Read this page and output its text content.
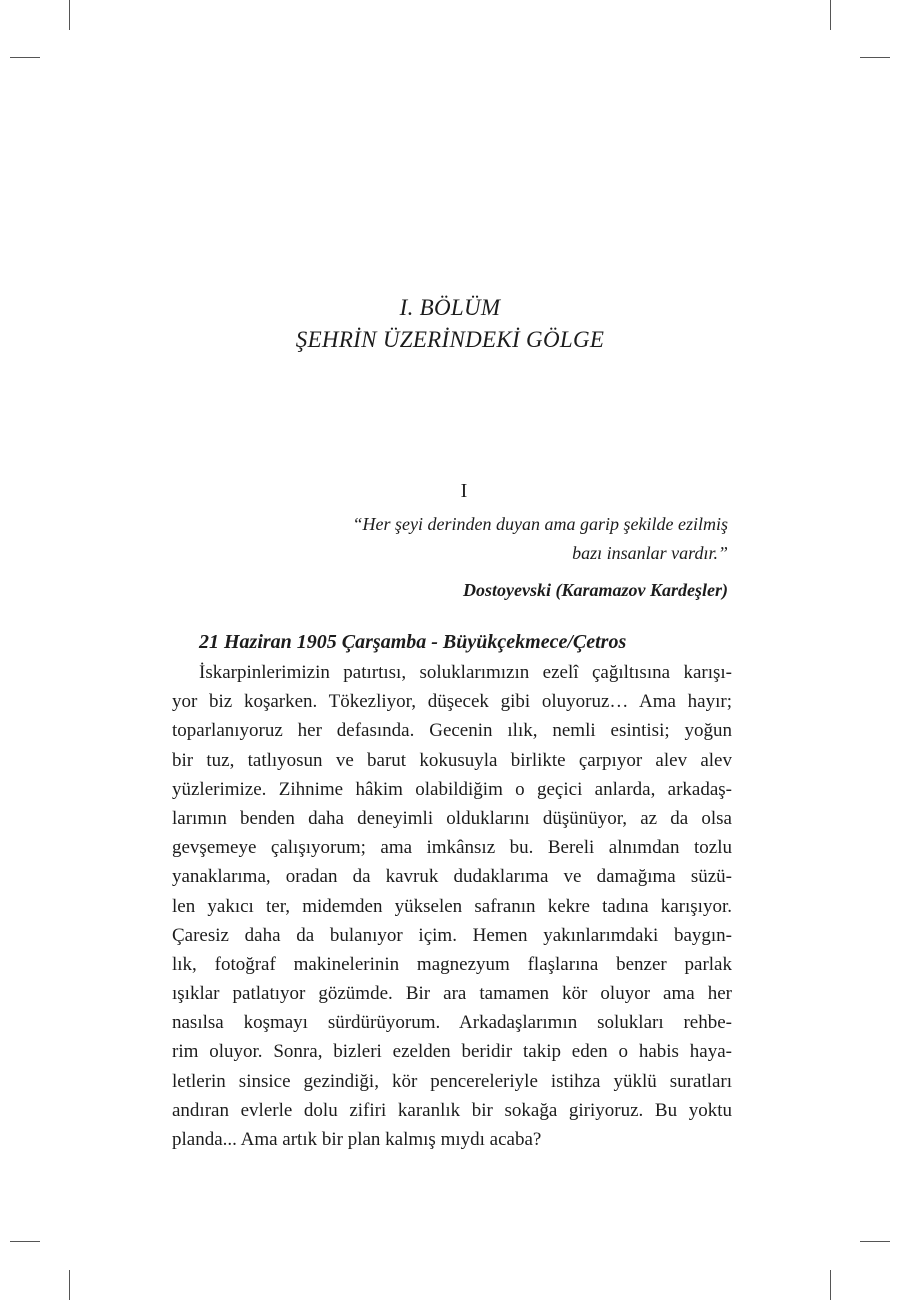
I. BÖLÜM
ŞEHRİN ÜZERİNDEKİ GÖLGE
I
“Her şeyi derinden duyan ama garip şekilde ezilmiş
bazı insanlar vardır.”
Dostoyevski (Karamazov Kardeşler)
21 Haziran 1905 Çarşamba - Büyükçekmece/Çetros
İskarpinlerimizin patırtısı, soluklarımızın ezelî çağıltısına karışı-
yor biz koşarken. Tökezliyor, düşecek gibi oluyoruz… Ama hayır;
toparlanıyoruz her defasında. Gecenin ılık, nemli esintisi; yoğun
bir tuz, tatlıyosun ve barut kokusuyla birlikte çarpıyor alev alev
yüzlerimize. Zihnime hâkim olabildiğim o geçici anlarda, arkadaş-
larımın benden daha deneyimli olduklarını düşünüyor, az da olsa
gevşemeye çalışıyorum; ama imkânsız bu. Bereli alnımdan tozlu
yanaklarıma, oradan da kavruk dudaklarıma ve damağıma süzü-
len yakıcı ter, midemden yükselen safranın kekre tadına karışıyor.
Çaresiz daha da bulanıyor içim. Hemen yakınlarımdaki baygın-
lık, fotoğraf makinelerinin magnezyum flaşlarına benzer parlak
ışıklar patlatıyor gözümde. Bir ara tamamen kör oluyor ama her
nasılsa koşmayı sürdürüyorum. Arkadaşlarımın solukları rehbe-
rim oluyor. Sonra, bizleri ezelden beridir takip eden o habis haya-
letlerin sinsice gezindiği, kör pencereleriyle istihza yüklü suratları
andıran evlerle dolu zifiri karanlık bir sokağa giriyoruz. Bu yoktu
planda... Ama artık bir plan kalmış mıydı acaba?
